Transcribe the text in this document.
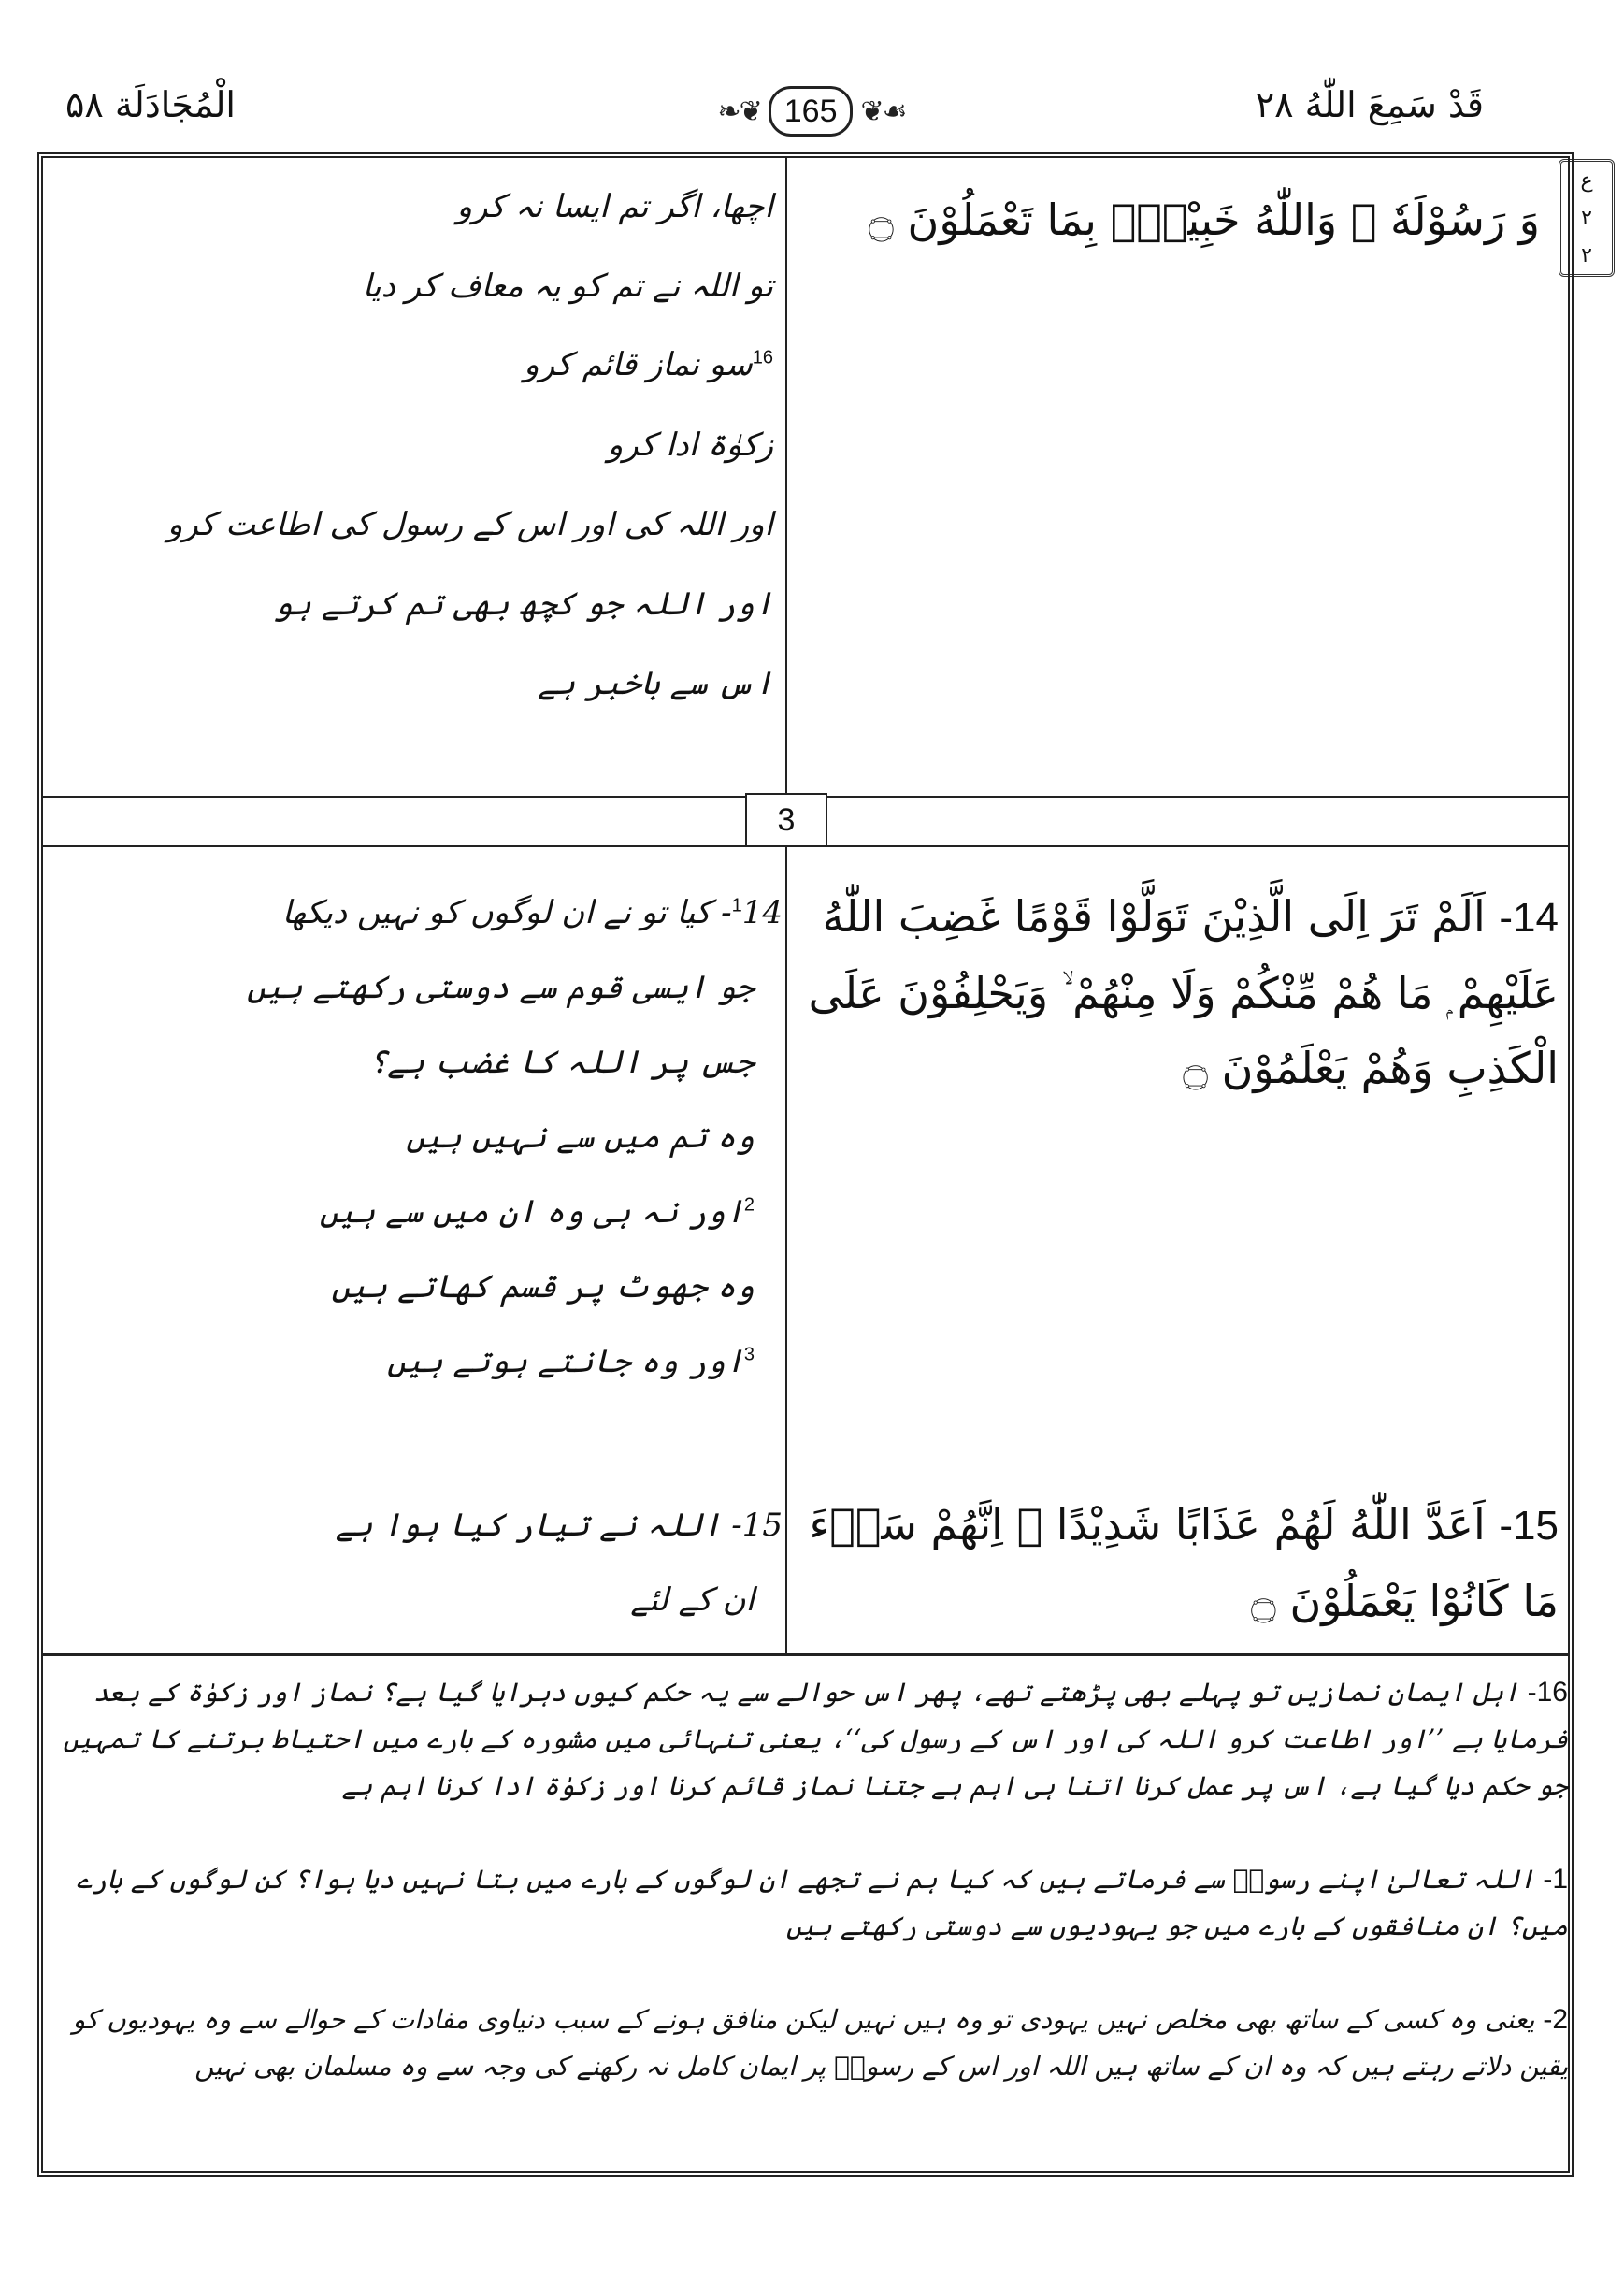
قَدْ سَمِعَ اللّٰهُ ۲۸
❧❦ 165 ❦☙
الْمُجَادَلَة ۵۸
ع
۲
۲
3
وَ رَسُوْلَهٗ ۭ وَاللّٰهُ خَبِيْرٌۢ بِمَا تَعْمَلُوْنَ ۝
اچھا، اگر تم ایسا نہ کرو
تو اللہ نے تم کو یہ معاف کر دیا
$^{16}$سو نماز قائم کرو
زکوٰۃ ادا کرو
اور اللہ کی اور اس کے رسول کی اطاعت کرو
اور اللہ جو کچھ بھی تم کرتے ہو
اس سے باخبر ہے
14- اَلَمْ تَرَ اِلَى الَّذِيْنَ تَوَلَّوْا قَوْمًا غَضِبَ اللّٰهُ عَلَيْهِمْ ۭ مَا هُمْ مِّنْكُمْ وَلَا مِنْهُمْ ۙ وَيَحْلِفُوْنَ عَلَى الْكَذِبِ وَهُمْ يَعْلَمُوْنَ ۝
$^1$14- کیا تو نے ان لوگوں کو نہیں دیکھا
جو ایسی قوم سے دوستی رکھتے ہیں
جس پر اللہ کا غضب ہے؟
وہ تم میں سے نہیں ہیں
$^2$اور نہ ہی وہ ان میں سے ہیں
وہ جھوٹ پر قسم کھاتے ہیں
$^3$اور وہ جانتے ہوتے ہیں
15- اَعَدَّ اللّٰهُ لَهُمْ عَذَابًا شَدِيْدًا ۭ اِنَّهُمْ سَاۗءَ مَا كَانُوْا يَعْمَلُوْنَ ۝
15- اللہ نے تیار کیا ہوا ہے
ان کے لئے
16- اہل ایمان نمازیں تو پہلے بھی پڑھتے تھے، پھر اس حوالے سے یہ حکم کیوں دہرایا گیا ہے؟ نماز اور زکوٰۃ کے بعد فرمایا ہے ’’اور اطاعت کرو اللہ کی اور اس کے رسول کی‘‘، یعنی تنہائی میں مشورہ کے بارے میں احتیاط برتنے کا تمہیں جو حکم دیا گیا ہے، اس پر عمل کرنا اتنا ہی اہم ہے جتنا نماز قائم کرنا اور زکوٰۃ ادا کرنا اہم ہے
1- اللہ تعالیٰ اپنے رسولؐ سے فرماتے ہیں کہ کیا ہم نے تجھے ان لوگوں کے بارے میں بتا نہیں دیا ہوا؟ کن لوگوں کے بارے میں؟ ان منافقوں کے بارے میں جو یہودیوں سے دوستی رکھتے ہیں
2- یعنی وہ کسی کے ساتھ بھی مخلص نہیں یہودی تو وہ ہیں نہیں لیکن منافق ہونے کے سبب دنیاوی مفادات کے حوالے سے وہ یہودیوں کو یقین دلاتے رہتے ہیں کہ وہ ان کے ساتھ ہیں اللہ اور اس کے رسولؐ پر ایمان کامل نہ رکھنے کی وجہ سے وہ مسلمان بھی نہیں
